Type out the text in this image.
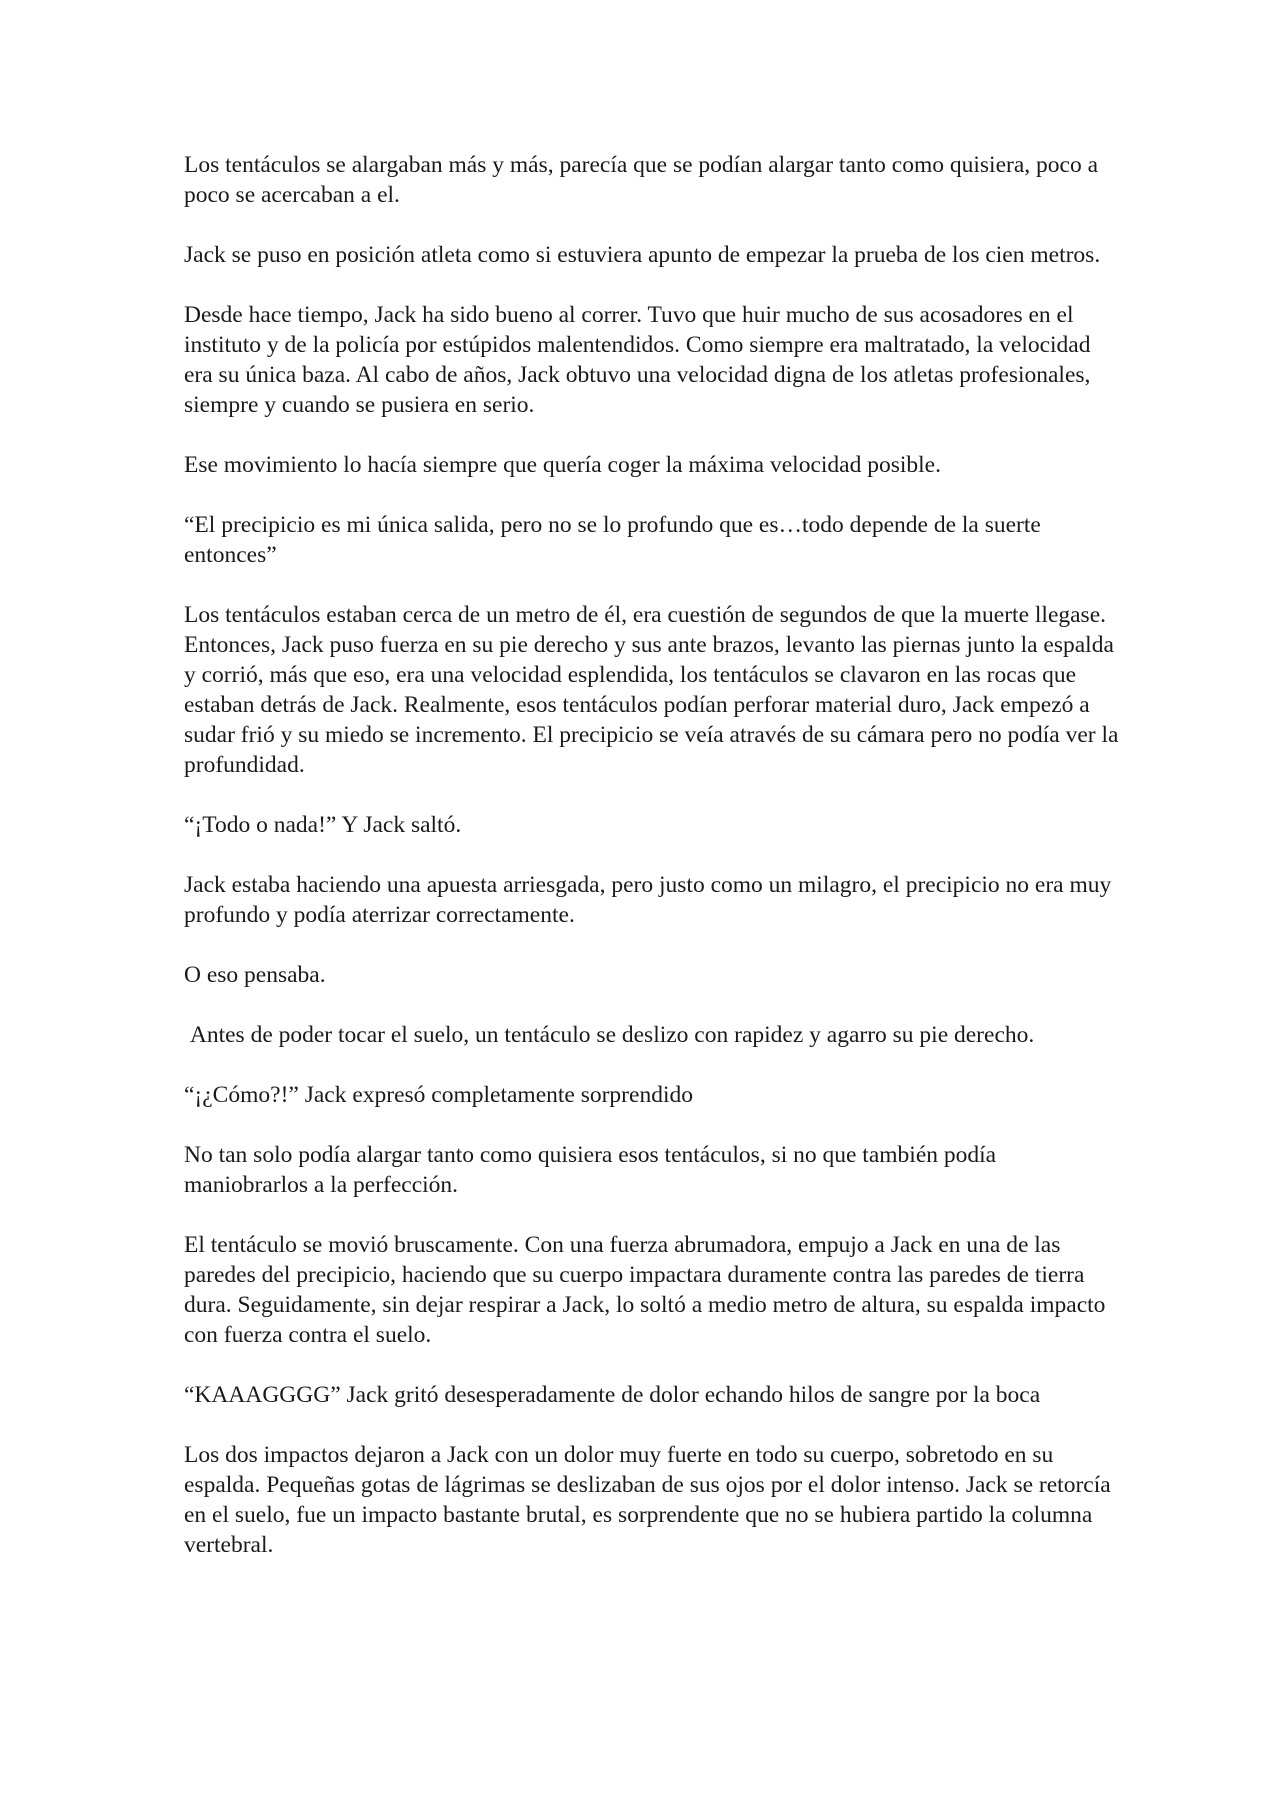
Los tentáculos se alargaban más y más, parecía que se podían alargar tanto como quisiera, poco a poco se acercaban a el.

Jack se puso en posición atleta como si estuviera apunto de empezar la prueba de los cien metros.

Desde hace tiempo, Jack ha sido bueno al correr. Tuvo que huir mucho de sus acosadores en el instituto y de la policía por estúpidos malentendidos. Como siempre era maltratado, la velocidad era su única baza. Al cabo de años, Jack obtuvo una velocidad digna de los atletas profesionales, siempre y cuando se pusiera en serio.

Ese movimiento lo hacía siempre que quería coger la máxima velocidad posible.

“El precipicio es mi única salida, pero no se lo profundo que es…todo depende de la suerte entonces”

Los tentáculos estaban cerca de un metro de él, era cuestión de segundos de que la muerte llegase. Entonces, Jack puso fuerza en su pie derecho y sus ante brazos, levanto las piernas junto la espalda y corrió, más que eso, era una velocidad esplendida, los tentáculos se clavaron en las rocas que estaban detrás de Jack. Realmente, esos tentáculos podían perforar material duro, Jack empezó a sudar frió y su miedo se incremento. El precipicio se veía através de su cámara pero no podía ver la profundidad.

“¡Todo o nada!” Y Jack saltó.

Jack estaba haciendo una apuesta arriesgada, pero justo como un milagro, el precipicio no era muy profundo y podía aterrizar correctamente.

O eso pensaba.

Antes de poder tocar el suelo, un tentáculo se deslizo con rapidez y agarro su pie derecho.

“¡¿Cómo?!” Jack expresó completamente sorprendido

No tan solo podía alargar tanto como quisiera esos tentáculos, si no que también podía maniobrarlos a la perfección.

El tentáculo se movió bruscamente. Con una fuerza abrumadora, empujo a Jack en una de las paredes del precipicio, haciendo que su cuerpo impactara duramente contra las paredes de tierra dura. Seguidamente, sin dejar respirar a Jack, lo soltó a medio metro de altura, su espalda impacto con fuerza contra el suelo.

“KAAAGGGG” Jack gritó desesperadamente de dolor echando hilos de sangre por la boca

Los dos impactos dejaron a Jack con un dolor muy fuerte en todo su cuerpo, sobretodo en su espalda. Pequeñas gotas de lágrimas se deslizaban de sus ojos por el dolor intenso. Jack se retorcía en el suelo, fue un impacto bastante brutal, es sorprendente que no se hubiera partido la columna vertebral.
